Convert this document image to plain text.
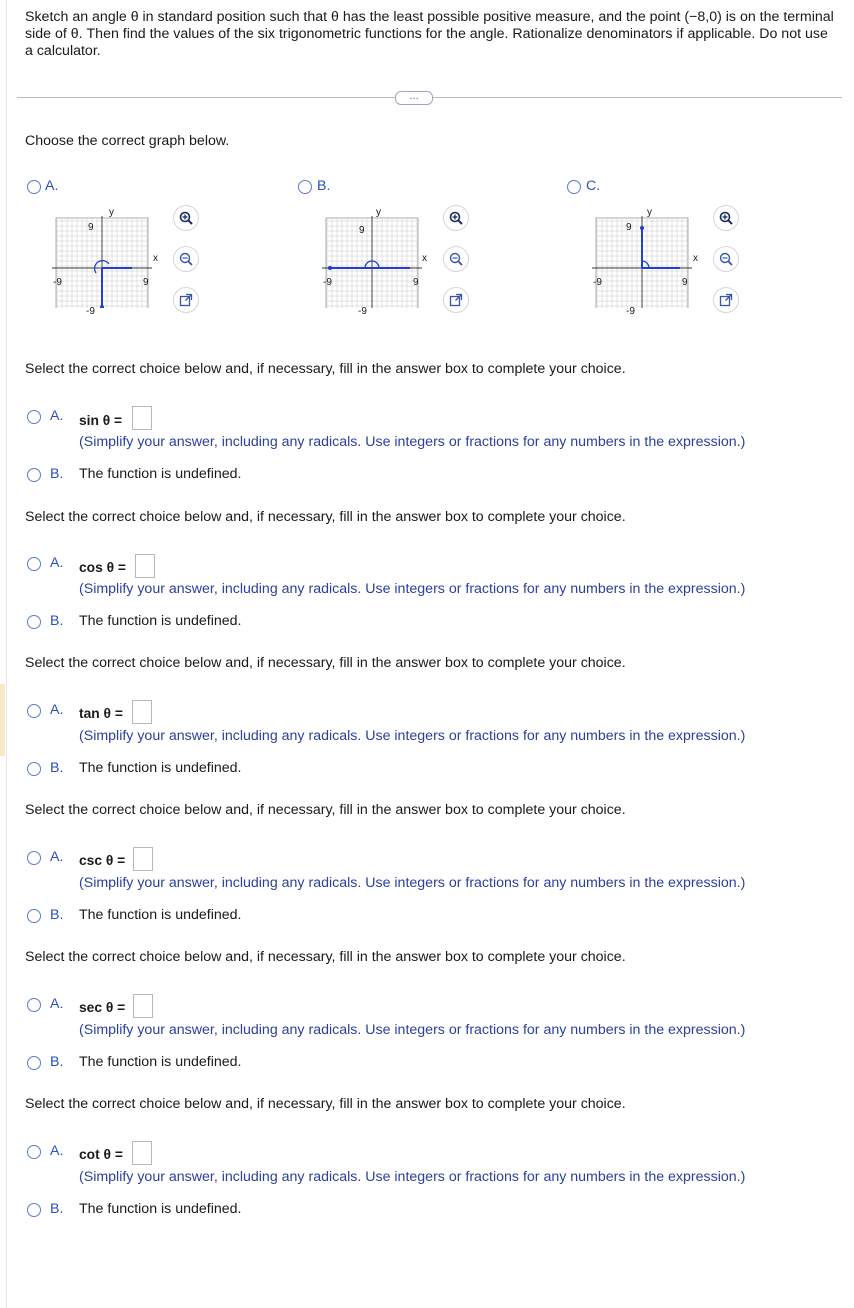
Sketch an angle θ in standard position such that θ has the least possible positive measure, and the point (−8,0) is on the terminal side of θ. Then find the values of the six trigonometric functions for the angle. Rationalize denominators if applicable. Do not use a calculator.
…
Choose the correct graph below.
A.
y
x
9
9
-9
-9
B.
y
x
9
9
-9
-9
C.
y
x
9
9
-9
-9
Select the correct choice below and, if necessary, fill in the answer box to complete your choice.
A. sin θ =
(Simplify your answer, including any radicals. Use integers or fractions for any numbers in the expression.)
B. The function is undefined.
Select the correct choice below and, if necessary, fill in the answer box to complete your choice.
A. cos θ =
(Simplify your answer, including any radicals. Use integers or fractions for any numbers in the expression.)
B. The function is undefined.
Select the correct choice below and, if necessary, fill in the answer box to complete your choice.
A. tan θ =
(Simplify your answer, including any radicals. Use integers or fractions for any numbers in the expression.)
B. The function is undefined.
Select the correct choice below and, if necessary, fill in the answer box to complete your choice.
A. csc θ =
(Simplify your answer, including any radicals. Use integers or fractions for any numbers in the expression.)
B. The function is undefined.
Select the correct choice below and, if necessary, fill in the answer box to complete your choice.
A. sec θ =
(Simplify your answer, including any radicals. Use integers or fractions for any numbers in the expression.)
B. The function is undefined.
Select the correct choice below and, if necessary, fill in the answer box to complete your choice.
A. cot θ =
(Simplify your answer, including any radicals. Use integers or fractions for any numbers in the expression.)
B. The function is undefined.
